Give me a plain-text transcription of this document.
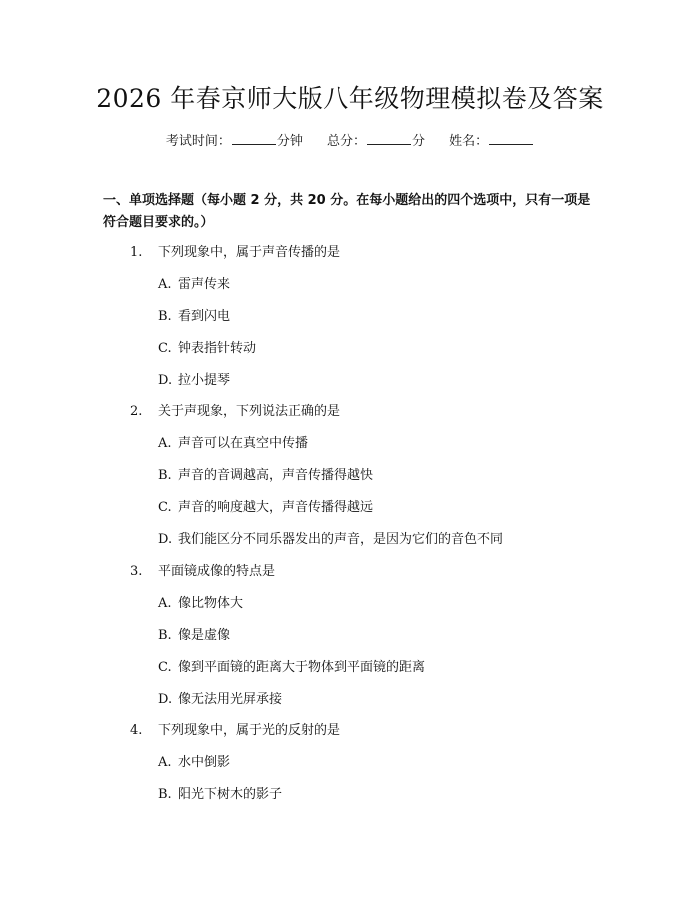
2026 年春京师大版八年级物理模拟卷及答案
考试时间：	分钟 总分：	分 姓名：
一、单项选择题（每小题 2 分，共 20 分。在每小题给出的四个选项中，只有一项是符合题目要求的。）
1. 下列现象中，属于声音传播的是
A. 雷声传来
B. 看到闪电
C. 钟表指针转动
D. 拉小提琴
2. 关于声现象，下列说法正确的是
A. 声音可以在真空中传播
B. 声音的音调越高，声音传播得越快
C. 声音的响度越大，声音传播得越远
D. 我们能区分不同乐器发出的声音，是因为它们的音色不同
3. 平面镜成像的特点是
A. 像比物体大
B. 像是虚像
C. 像到平面镜的距离大于物体到平面镜的距离
D. 像无法用光屏承接
4. 下列现象中，属于光的反射的是
A. 水中倒影
B. 阳光下树木的影子
